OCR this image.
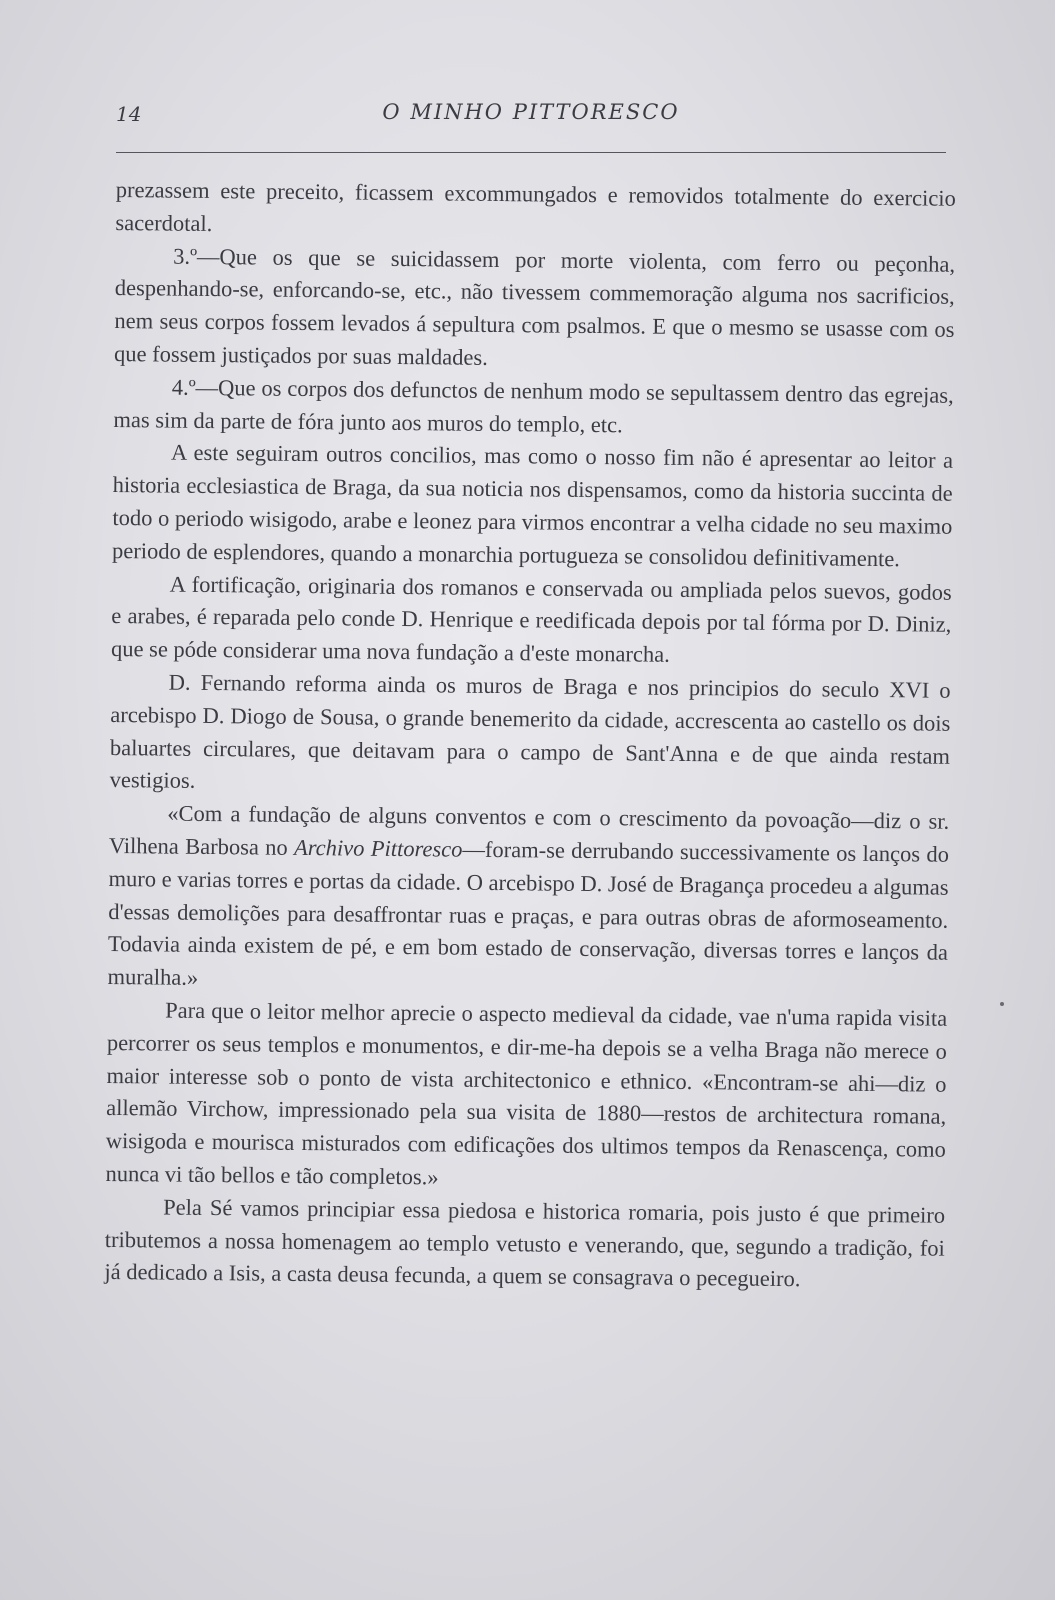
14	O MINHO PITTORESCO

prezassem este preceito, ficassem excommungados e removidos totalmente do exercicio sacerdotal.

3.º—Que os que se suicidassem por morte violenta, com ferro ou peçonha, despenhando-se, enforcando-se, etc., não tivessem commemoração alguma nos sacrificios, nem seus corpos fossem levados á sepultura com psalmos. E que o mesmo se usasse com os que fossem justiçados por suas maldades.

4.º—Que os corpos dos defunctos de nenhum modo se sepultassem dentro das egrejas, mas sim da parte de fóra junto aos muros do templo, etc.

A este seguiram outros concilios, mas como o nosso fim não é apresentar ao leitor a historia ecclesiastica de Braga, da sua noticia nos dispensamos, como da historia succinta de todo o periodo wisigodo, arabe e leonez para virmos encontrar a velha cidade no seu maximo periodo de esplendores, quando a monarchia portugueza se consolidou definitivamente.

A fortificação, originaria dos romanos e conservada ou ampliada pelos suevos, godos e arabes, é reparada pelo conde D. Henrique e reedificada depois por tal fórma por D. Diniz, que se póde considerar uma nova fundação a d'este monarcha.

D. Fernando reforma ainda os muros de Braga e nos principios do seculo XVI o arcebispo D. Diogo de Sousa, o grande benemerito da cidade, accrescenta ao castello os dois baluartes circulares, que deitavam para o campo de Sant'Anna e de que ainda restam vestigios.

«Com a fundação de alguns conventos e com o crescimento da povoação—diz o sr. Vilhena Barbosa no Archivo Pittoresco—foram-se derrubando successivamente os lanços do muro e varias torres e portas da cidade. O arcebispo D. José de Bragança procedeu a algumas d'essas demolições para desaffrontar ruas e praças, e para outras obras de aformoseamento. Todavia ainda existem de pé, e em bom estado de conservação, diversas torres e lanços da muralha.»

Para que o leitor melhor aprecie o aspecto medieval da cidade, vae n'uma rapida visita percorrer os seus templos e monumentos, e dir-me-ha depois se a velha Braga não merece o maior interesse sob o ponto de vista architectonico e ethnico. «Encontram-se ahi—diz o allemão Virchow, impressionado pela sua visita de 1880—restos de architectura romana, wisigoda e mourisca misturados com edificações dos ultimos tempos da Renascença, como nunca vi tão bellos e tão completos.»

Pela Sé vamos principiar essa piedosa e historica romaria, pois justo é que primeiro tributemos a nossa homenagem ao templo vetusto e venerando, que, segundo a tradição, foi já dedicado a Isis, a casta deusa fecunda, a quem se consagrava o pecegueiro.
